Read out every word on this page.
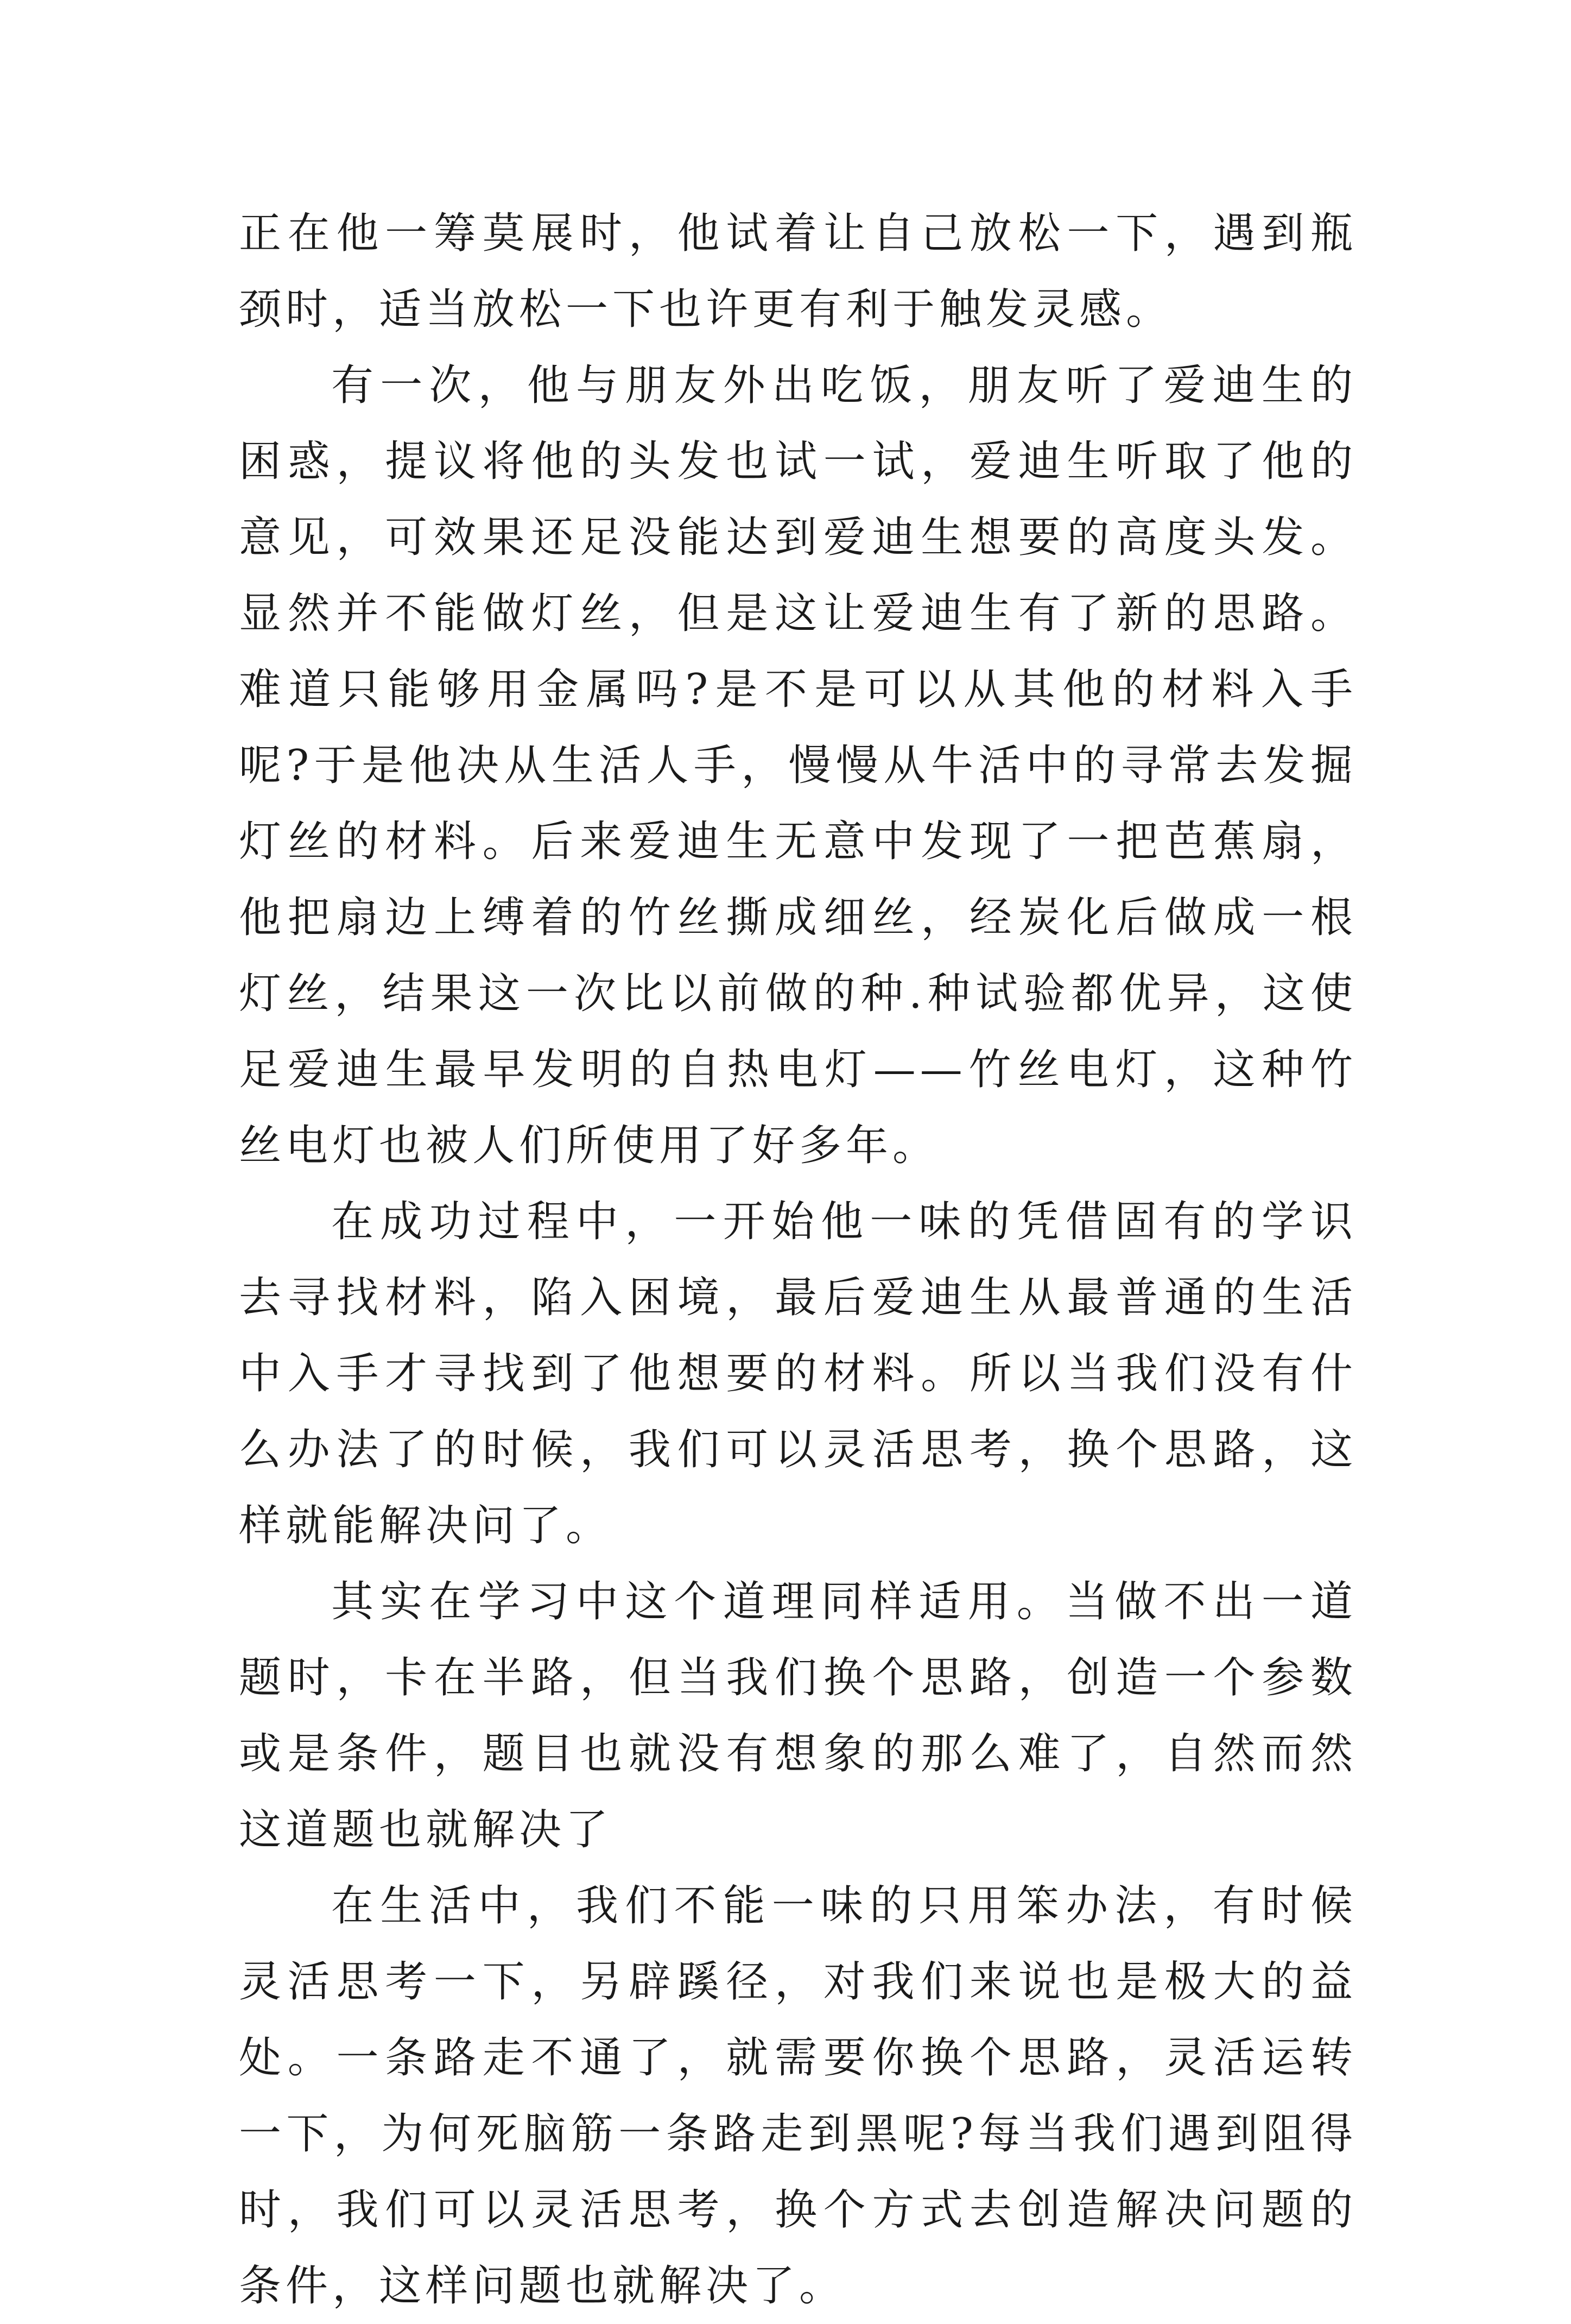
正在他一筹莫展时，他试着让自己放松一下，遇到瓶颈时，适当放松一下也许更有利于触发灵感。

有一次，他与朋友外出吃饭，朋友听了爱迪生的困惑，提议将他的头发也试一试，爱迪生听取了他的意见，可效果还足没能达到爱迪生想要的高度头发。显然并不能做灯丝，但是这让爱迪生有了新的思路。难道只能够用金属吗?是不是可以从其他的材料入手呢?于是他决从生活人手，慢慢从牛活中的寻常去发掘灯丝的材料。后来爱迪生无意中发现了一把芭蕉扇，他把扇边上缚着的竹丝撕成细丝，经炭化后做成一根灯丝，结果这一次比以前做的种.种试验都优异，这使足爱迪生最早发明的自热电灯——竹丝电灯，这种竹丝电灯也被人们所使用了好多年。

在成功过程中，一开始他一味的凭借固有的学识去寻找材料，陷入困境，最后爱迪生从最普通的生活中入手才寻找到了他想要的材料。所以当我们没有什么办法了的时候，我们可以灵活思考，换个思路，这样就能解决问了。

其实在学习中这个道理同样适用。当做不出一道题时，卡在半路，但当我们换个思路，创造一个参数或是条件，题目也就没有想象的那么难了，自然而然这道题也就解决了

在生活中，我们不能一味的只用笨办法，有时候灵活思考一下，另辟蹊径，对我们来说也是极大的益处。一条路走不通了，就需要你换个思路，灵活运转一下，为何死脑筋一条路走到黑呢?每当我们遇到阻得时，我们可以灵活思考，换个方式去创造解决问题的条件，这样问题也就解决了。
